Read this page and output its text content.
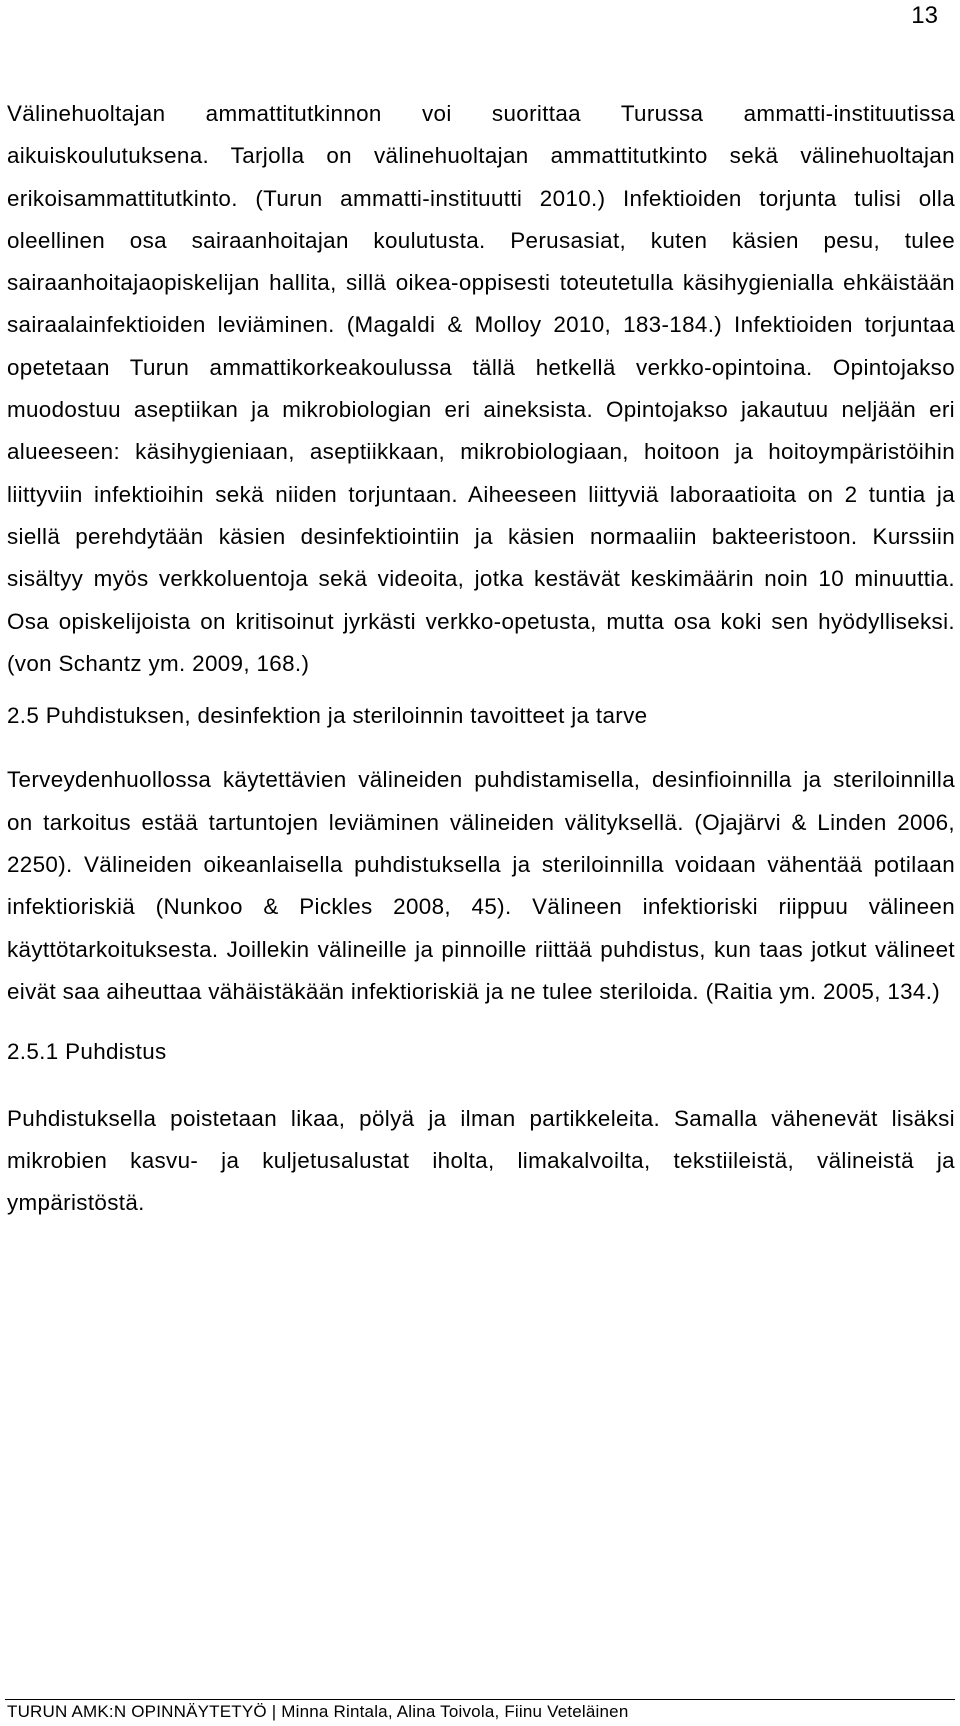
13

Välinehuoltajan ammattitutkinnon voi suorittaa Turussa ammatti-instituutissa aikuiskoulutuksena. Tarjolla on välinehuoltajan ammattitutkinto sekä välinehuoltajan erikoisammattitutkinto. (Turun ammatti-instituutti 2010.) Infektioiden torjunta tulisi olla oleellinen osa sairaanhoitajan koulutusta. Perusasiat, kuten käsien pesu, tulee sairaanhoitajaopiskelijan hallita, sillä oikea-oppisesti toteutetulla käsihygienialla ehkäistään sairaalainfektioiden leviäminen. (Magaldi & Molloy 2010, 183-184.) Infektioiden torjuntaa opetetaan Turun ammattikorkeakoulussa tällä hetkellä verkko-opintoina. Opintojakso muodostuu aseptiikan ja mikrobiologian eri aineksista. Opintojakso jakautuu neljään eri alueeseen: käsihygieniaan, aseptiikkaan, mikrobiologiaan, hoitoon ja hoitoympäristöihin liittyviin infektioihin sekä niiden torjuntaan. Aiheeseen liittyviä laboraatioita on 2 tuntia ja siellä perehdytään käsien desinfektiointiin ja käsien normaaliin bakteeristoon. Kurssiin sisältyy myös verkkoluentoja sekä videoita, jotka kestävät keskimäärin noin 10 minuuttia. Osa opiskelijoista on kritisoinut jyrkästi verkko-opetusta, mutta osa koki sen hyödylliseksi. (von Schantz ym. 2009, 168.)

2.5 Puhdistuksen, desinfektion ja steriloinnin tavoitteet ja tarve

Terveydenhuollossa käytettävien välineiden puhdistamisella, desinfioinnilla ja steriloinnilla on tarkoitus estää tartuntojen leviäminen välineiden välityksellä. (Ojajärvi & Linden 2006, 2250). Välineiden oikeanlaisella puhdistuksella ja steriloinnilla voidaan vähentää potilaan infektioriskiä (Nunkoo & Pickles 2008, 45). Välineen infektioriski riippuu välineen käyttötarkoituksesta. Joillekin välineille ja pinnoille riittää puhdistus, kun taas jotkut välineet eivät saa aiheuttaa vähäistäkään infektioriskiä ja ne tulee steriloida. (Raitia ym. 2005, 134.)

2.5.1 Puhdistus

Puhdistuksella poistetaan likaa, pölyä ja ilman partikkeleita. Samalla vähenevät lisäksi mikrobien kasvu- ja kuljetusalustat iholta, limakalvoilta, tekstiileistä, välineistä ja ympäristöstä.

TURUN AMK:N OPINNÄYTETYÖ | Minna Rintala, Alina Toivola, Fiinu Veteläinen
